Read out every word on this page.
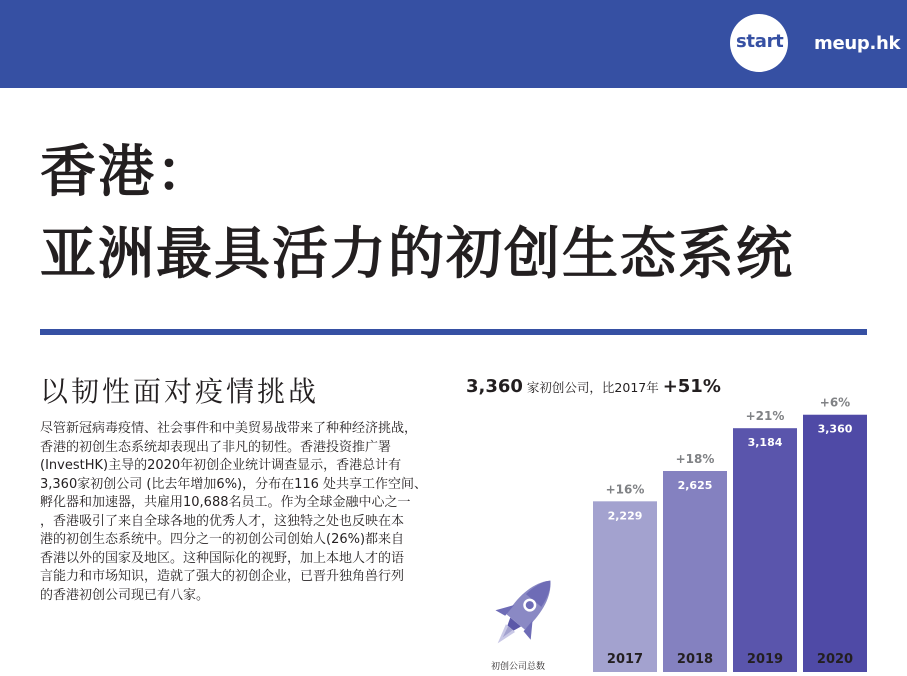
start meup.hk
香港：
亚洲最具活力的初创生态系统
以韧性面对疫情挑战

尽管新冠病毒疫情、社会事件和中美贸易战带来了种种经济挑战，
香港的初创生态系统却表现出了非凡的韧性。香港投资推广署
(InvestHK)主导的2020年初创企业统计调查显示，香港总计有
3,360家初创公司 (比去年增加6%)，分布在116 处共享工作空间、
孵化器和加速器，共雇用10,688名员工。作为全球金融中心之一
，香港吸引了来自全球各地的优秀人才，这独特之处也反映在本
港的初创生态系统中。四分之一的初创公司创始人(26%)都来自
香港以外的国家及地区。这种国际化的视野，加上本地人才的语
言能力和市场知识，造就了强大的初创企业，已晋升独角兽行列
的香港初创公司现已有八家。

3,360 家初创公司，比2017年 +51%
+16%
2,229
2017
+18%
2,625
2018
+21%
3,184
2019
+6%
3,360
2020
初创公司总数
